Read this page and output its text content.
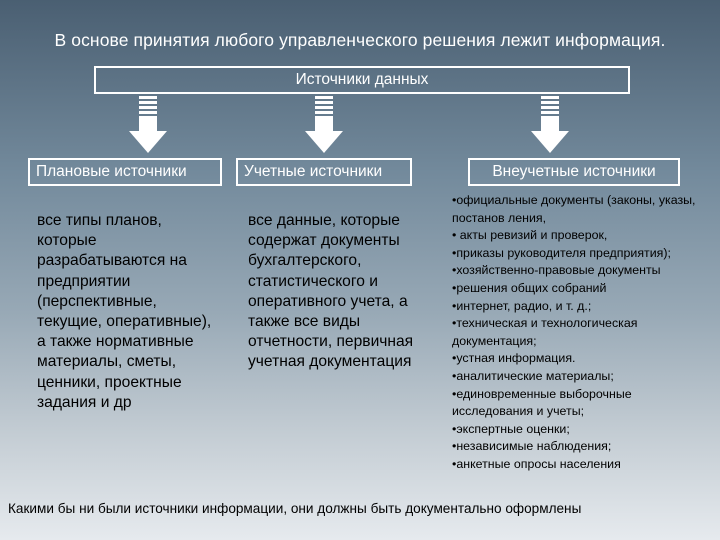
В основе принятия любого управленческого решения лежит информация.
Источники данных
Плановые источники	Учетные источники	Внеучетные источники
все типы планов, которые разрабатываются на предприятии (перспективные, текущие, оперативные), а также нормативные материалы, сметы, ценники, проектные задания и др
все данные, которые содержат документы бухгалтерского, статистического и оперативного учета, а также все виды отчетности, первичная учетная документация
•официальные документы (законы, указы, постанов ления,
• акты ревизий и проверок,
•приказы руководителя предприятия);
•хозяйственно-правовые документы
•решения общих собраний
•интернет, радио, и т. д.;
•техническая и технологическая документация;
•устная информация.
•аналитические материалы;
•единовременные выборочные исследования и учеты;
•экспертные оценки;
•независимые наблюдения;
•анкетные опросы населения
Какими бы ни были источники информации, они должны быть документально оформлены
